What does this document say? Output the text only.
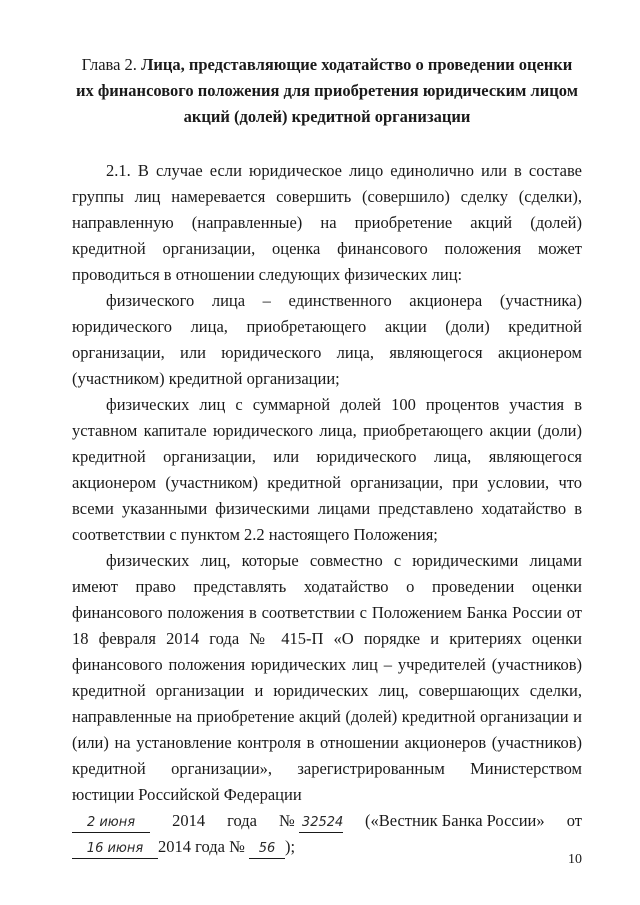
Глава 2. Лица, представляющие ходатайство о проведении оценки их финансового положения для приобретения юридическим лицом акций (долей) кредитной организации

2.1. В случае если юридическое лицо единолично или в составе группы лиц намеревается совершить (совершило) сделку (сделки), направленную (направленные) на приобретение акций (долей) кредитной организации, оценка финансового положения может проводиться в отношении следующих физических лиц:

физического лица – единственного акционера (участника) юридического лица, приобретающего акции (доли) кредитной организации, или юридического лица, являющегося акционером (участником) кредитной организации;

физических лиц с суммарной долей 100 процентов участия в уставном капитале юридического лица, приобретающего акции (доли) кредитной организации, или юридического лица, являющегося акционером (участником) кредитной организации, при условии, что всеми указанными физическими лицами представлено ходатайство в соответствии с пунктом 2.2 настоящего Положения;

физических лиц, которые совместно с юридическими лицами имеют право представлять ходатайство о проведении оценки финансового положения в соответствии с Положением Банка России от 18 февраля 2014 года № 415-П «О порядке и критериях оценки финансового положения юридических лиц – учредителей (участников) кредитной организации и юридических лиц, совершающих сделки, направленные на приобретение акций (долей) кредитной организации и (или) на установление контроля в отношении акционеров (участников) кредитной организации», зарегистрированным Министерством юстиции Российской Федерации

2 июня	2014 года №
32524 («Вестник Банка России» от
16 июня 2014 года №
	56 );
10
